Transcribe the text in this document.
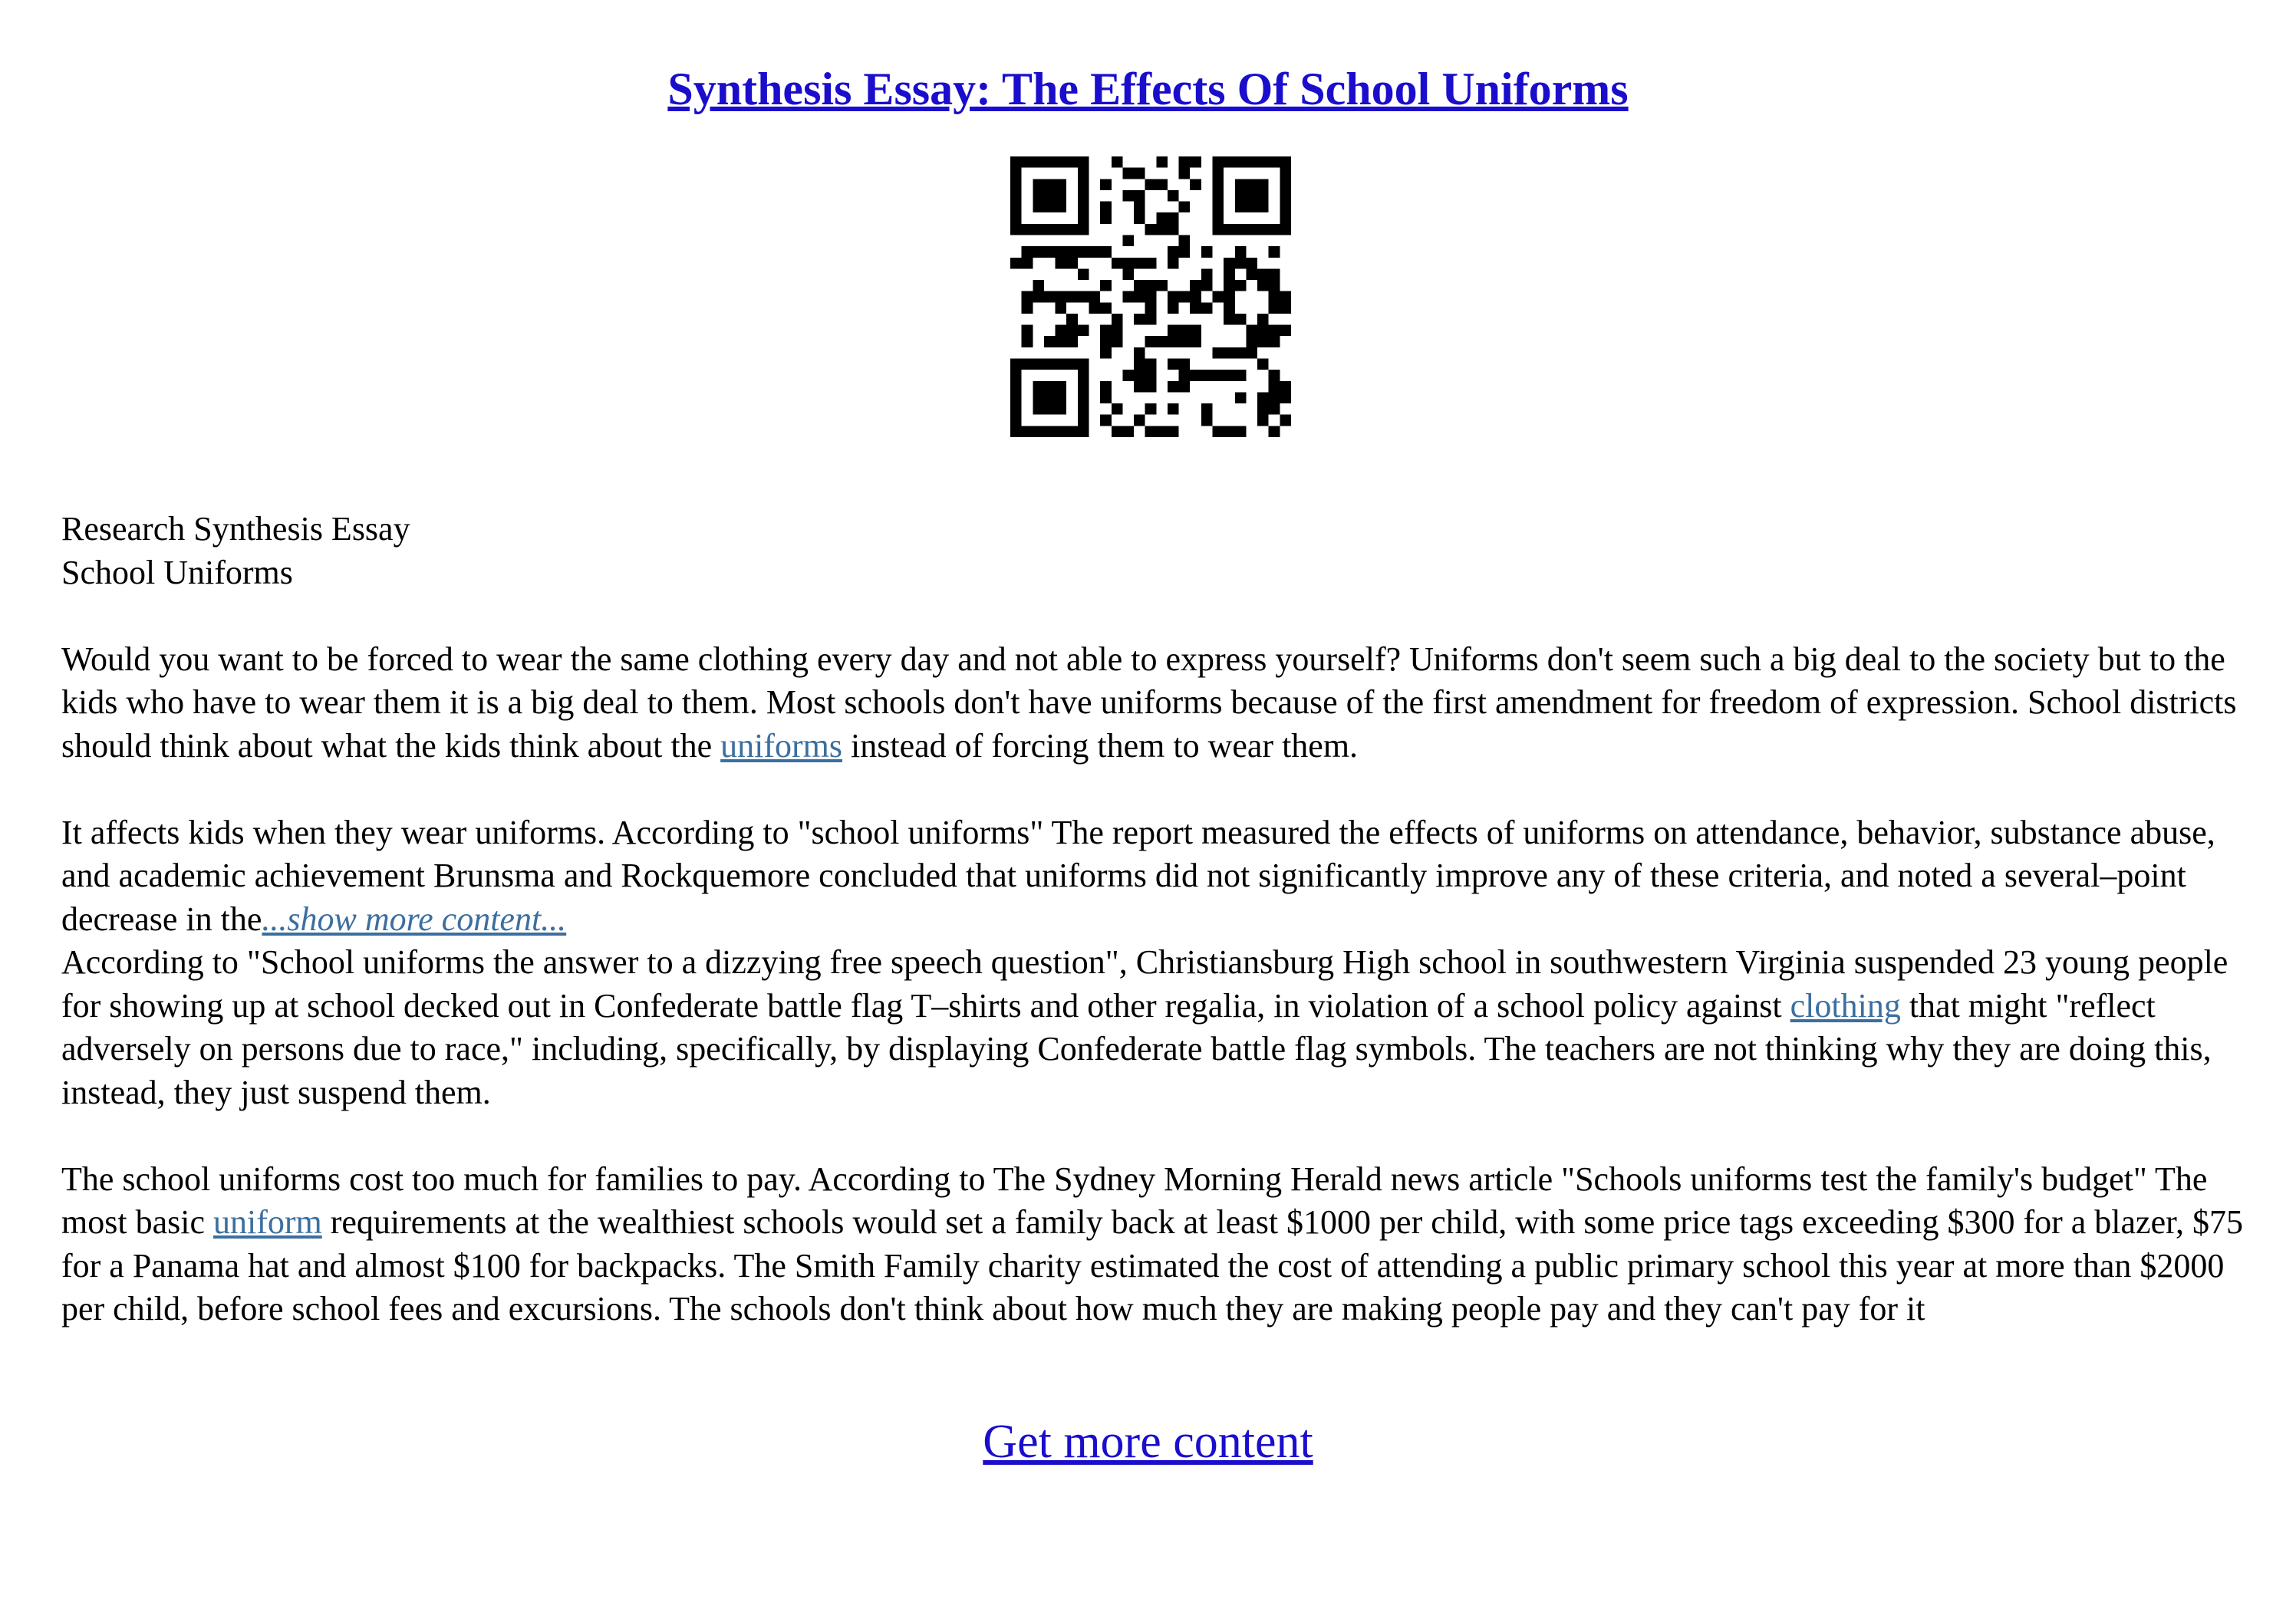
Synthesis Essay: The Effects Of School Uniforms

Research Synthesis Essay

School Uniforms

Would you want to be forced to wear the same clothing every day and not able to express yourself? Uniforms don't seem such a big deal to the society but to the kids who have to wear them it is a big deal to them. Most schools don't have uniforms because of the first amendment for freedom of expression. School districts should think about what the kids think about the uniforms instead of forcing them to wear them.

It affects kids when they wear uniforms. According to "school uniforms" The report measured the effects of uniforms on attendance, behavior, substance abuse, and academic achievement Brunsma and Rockquemore concluded that uniforms did not significantly improve any of these criteria, and noted a several–point decrease in the...show more content...

According to "School uniforms the answer to a dizzying free speech question", Christiansburg High school in southwestern Virginia suspended 23 young people for showing up at school decked out in Confederate battle flag T–shirts and other regalia, in violation of a school policy against clothing that might "reflect adversely on persons due to race," including, specifically, by displaying Confederate battle flag symbols. The teachers are not thinking why they are doing this, instead, they just suspend them.

The school uniforms cost too much for families to pay. According to The Sydney Morning Herald news article "Schools uniforms test the family's budget" The most basic uniform requirements at the wealthiest schools would set a family back at least $1000 per child, with some price tags exceeding $300 for a blazer, $75 for a Panama hat and almost $100 for backpacks. The Smith Family charity estimated the cost of attending a public primary school this year at more than $2000 per child, before school fees and excursions. The schools don't think about how much they are making people pay and they can't pay for it

Get more content
